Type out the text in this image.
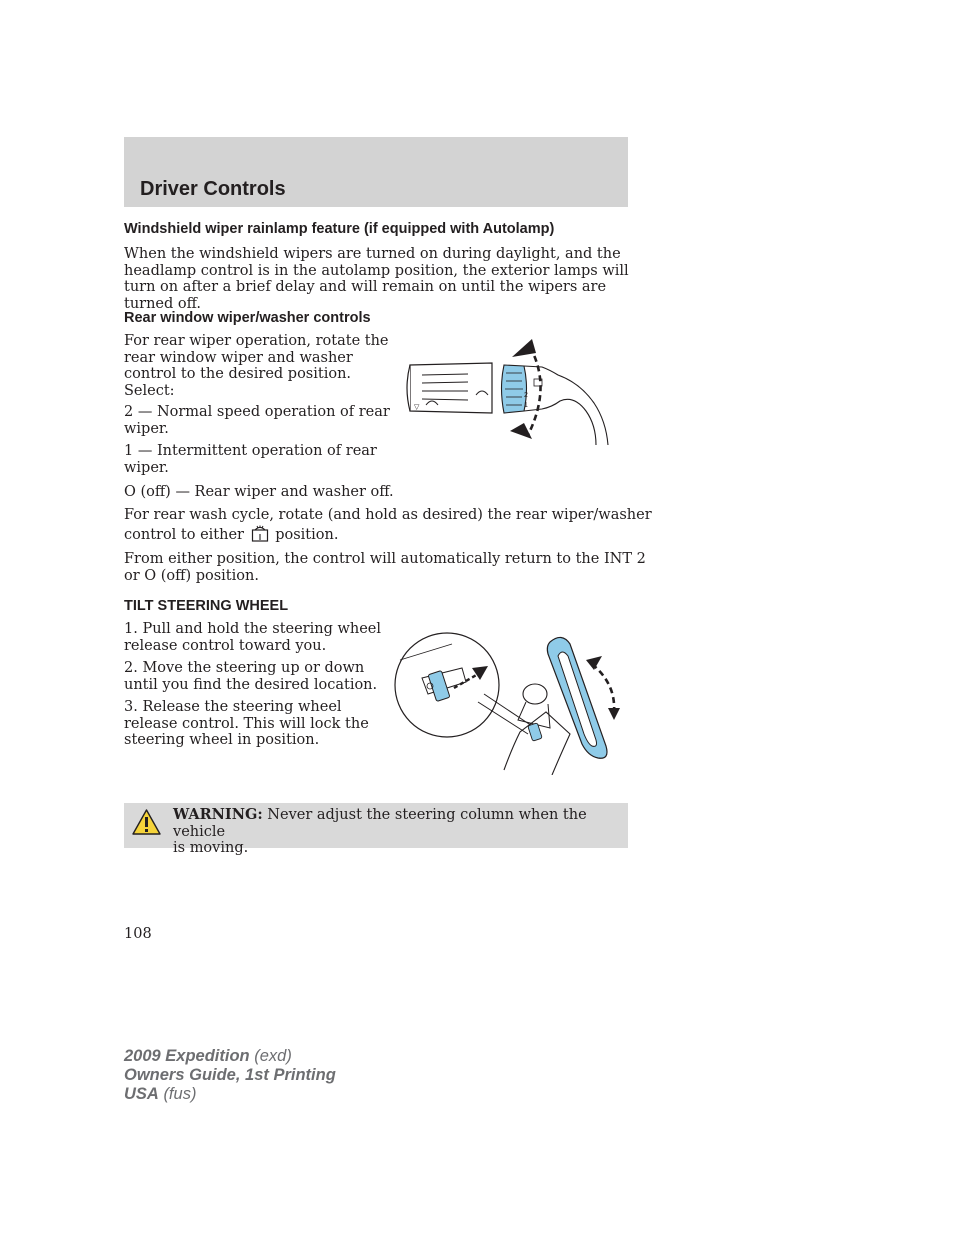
Driver Controls
Windshield wiper rainlamp feature (if equipped with Autolamp)

When the windshield wipers are turned on during daylight, and the headlamp control is in the autolamp position, the exterior lamps will turn on after a brief delay and will remain on until the wipers are turned off.

Rear window wiper/washer controls
For rear wiper operation, rotate the
rear window wiper and washer
control to the desired position.
Select:
2 — Normal speed operation of rear
wiper.
1 — Intermittent operation of rear
wiper.
O (off) — Rear wiper and washer off.
For rear wash cycle, rotate (and hold as desired) the rear wiper/washer
control to either position.
From either position, the control will automatically return to the INT 2
or O (off) position.
▽
2
1
TILT STEERING WHEEL
1. Pull and hold the steering wheel
release control toward you.
2. Move the steering up or down
until you find the desired location.
3. Release the steering wheel
release control. This will lock the
steering wheel in position.
WARNING: Never adjust the steering column when the vehicle
is moving.
108
2009 Expedition (exd)
Owners Guide, 1st Printing
USA (fus)
